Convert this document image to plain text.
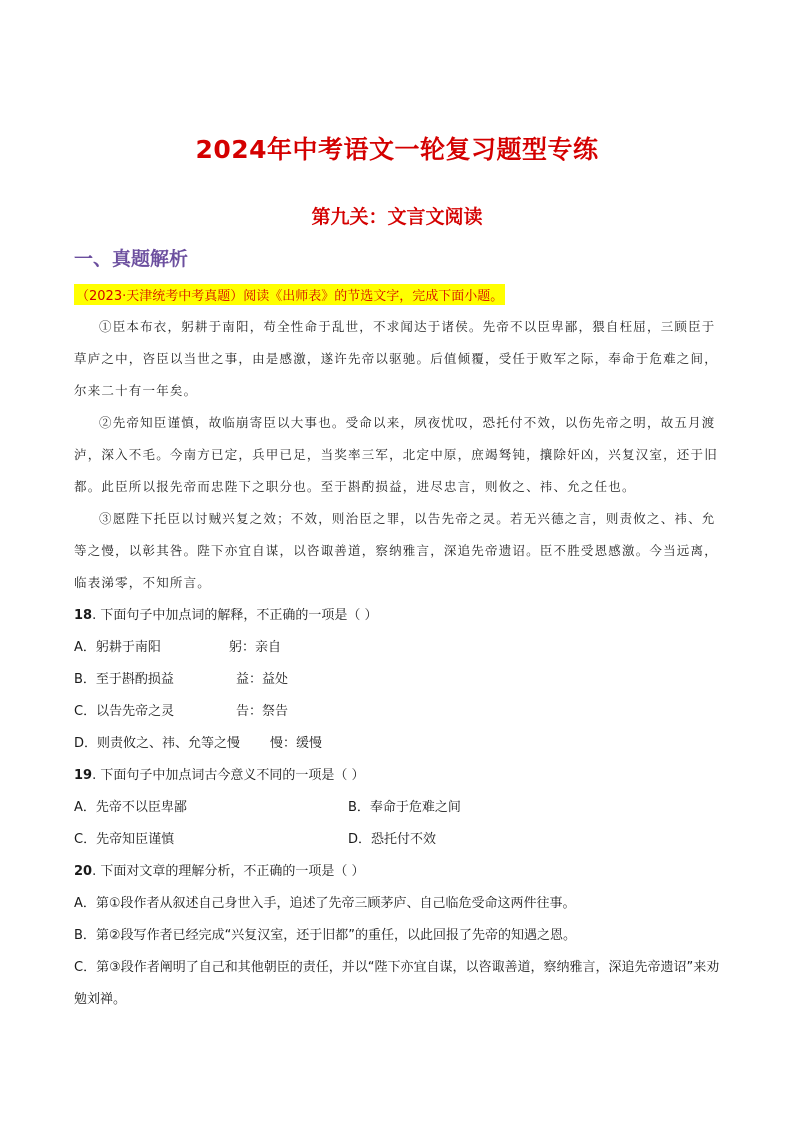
2024年中考语文一轮复习题型专练
第九关：文言文阅读
一、真题解析
（2023·天津统考中考真题）阅读《出师表》的节选文字，完成下面小题。

①臣本布衣，躬耕于南阳，苟全性命于乱世，不求闻达于诸侯。先帝不以臣卑鄙，猥自枉屈，三顾臣于草庐之中，咨臣以当世之事，由是感激，遂许先帝以驱驰。后值倾覆，受任于败军之际，奉命于危难之间，尔来二十有一年矣。

②先帝知臣谨慎，故临崩寄臣以大事也。受命以来，夙夜忧叹，恐托付不效，以伤先帝之明，故五月渡泸，深入不毛。今南方已定，兵甲已足，当奖率三军，北定中原，庶竭驽钝，攘除奸凶，兴复汉室，还于旧都。此臣所以报先帝而忠陛下之职分也。至于斟酌损益，进尽忠言，则攸之、祎、允之任也。

③愿陛下托臣以讨贼兴复之效；不效，则治臣之罪，以告先帝之灵。若无兴德之言，则责攸之、祎、允等之慢，以彰其咎。陛下亦宜自谋，以咨诹善道，察纳雅言，深追先帝遗诏。臣不胜受恩感激。今当远离，临表涕零，不知所言。

18. 下面句子中加点词的解释，不正确的一项是（ ）
A．躬耕于南阳	躬：亲自
B．至于斟酌损益	益：益处
C．以告先帝之灵	告：祭告
D．则责攸之、祎、允等之慢 慢：缓慢
19. 下面句子中加点词古今意义不同的一项是（ ）
A．先帝不以臣卑鄙	B．奉命于危难之间
C．先帝知臣谨慎	D．恐托付不效
20. 下面对文章的理解分析，不正确的一项是（ ）
A．第①段作者从叙述自己身世入手，追述了先帝三顾茅庐、自己临危受命这两件往事。
B．第②段写作者已经完成“兴复汉室，还于旧都”的重任，以此回报了先帝的知遇之恩。
C．第③段作者阐明了自己和其他朝臣的责任，并以“陛下亦宜自谋，以咨诹善道，察纳雅言，深追先帝遗诏”来劝勉刘禅。
